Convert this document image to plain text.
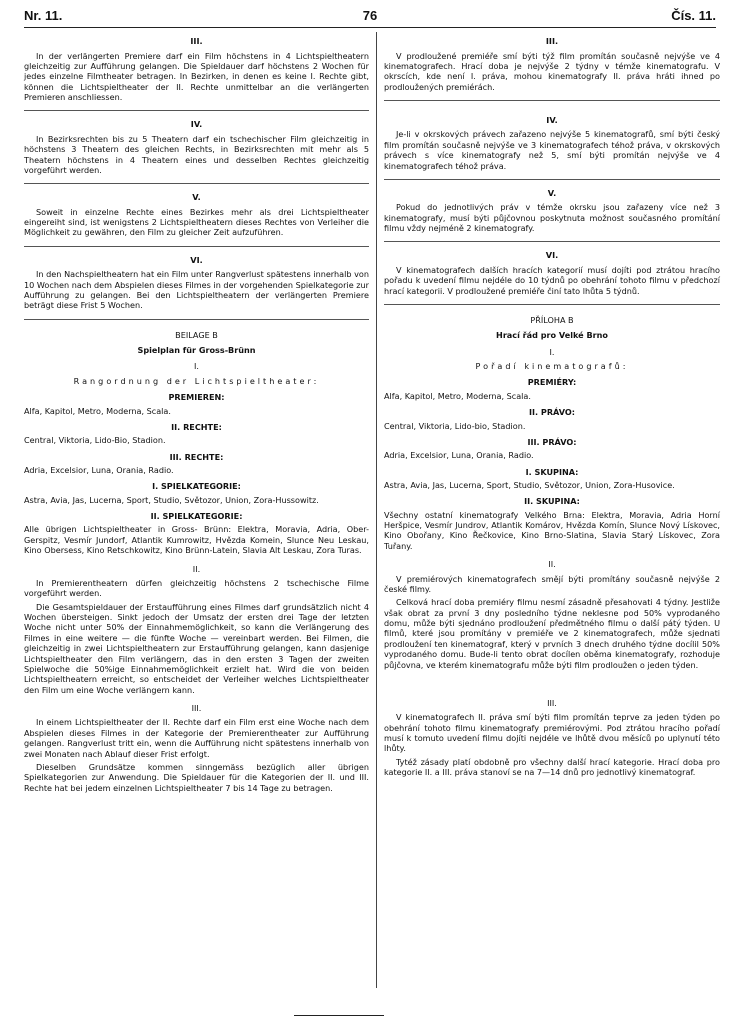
Nr. 11.	76	Čís. 11.
III.

In der verlängerten Premiere darf ein Film höchstens in 4 Lichtspieltheatern gleichzeitig zur Aufführung gelangen. Die Spieldauer darf höchstens 2 Wochen für jedes einzelne Filmtheater betragen. In Bezirken, in denen es keine I. Rechte gibt, können die Lichtspieltheater der II. Rechte unmittelbar an die verlängerten Premieren anschliessen.

IV.

In Bezirksrechten bis zu 5 Theatern darf ein tschechischer Film gleichzeitig in höchstens 3 Theatern des gleichen Rechts, in Bezirksrechten mit mehr als 5 Theatern höchstens in 4 Theatern eines und desselben Rechtes gleichzeitig vorgeführt werden.

V.

Soweit in einzelne Rechte eines Bezirkes mehr als drei Lichtspieltheater eingereiht sind, ist wenigstens 2 Lichtspieltheatern dieses Rechtes von Verleiher die Möglichkeit zu gewähren, den Film zu gleicher Zeit aufzuführen.

VI.

In den Nachspieltheatern hat ein Film unter Rangverlust spätestens innerhalb von 10 Wochen nach dem Abspielen dieses Filmes in der vorgehenden Spielkategorie zur Aufführung zu gelangen. Bei den Lichtspieltheatern der verlängerten Premiere beträgt diese Frist 5 Wochen.

BEILAGE B
Spielplan für Gross-Brünn
I.
Rangordnung der Lichtspieltheater:
PREMIEREN:

Alfa, Kapitol, Metro, Moderna, Scala.

II. RECHTE:

Central, Viktoria, Lido-Bio, Stadion.

III. RECHTE:

Adria, Excelsior, Luna, Orania, Radio.

I. SPIELKATEGORIE:

Astra, Avia, Jas, Lucerna, Sport, Studio, Světozor, Union, Zora-Hussowitz.

II. SPIELKATEGORIE:

Alle übrigen Lichtspieltheater in Gross- Brünn: Elektra, Moravia, Adria, Ober- Gerspitz, Vesmír Jundorf, Atlantik Kumrowitz, Hvězda Komein, Slunce Neu Leskau, Kino Obersess, Kino Retschkowitz, Kino Brünn-Latein, Slavia Alt Leskau, Zora Turas.

II.

In Premierentheatern dürfen gleichzeitig höchstens 2 tschechische Filme vorgeführt werden.

Die Gesamtspieldauer der Erstaufführung eines Filmes darf grundsätzlich nicht 4 Wochen übersteigen. Sinkt jedoch der Umsatz der ersten drei Tage der letzten Woche nicht unter 50% der Einnahmemöglichkeit, so kann die Verlängerung des Filmes in eine weitere — die fünfte Woche — vereinbart werden. Bei Filmen, die gleichzeitig in zwei Lichtspieltheatern zur Erstaufführung gelangen, kann dasjenige Lichtspieltheater den Film verlängern, das in den ersten 3 Tagen der zweiten Spielwoche die 50%ige Einnahmemöglichkeit erzielt hat. Wird die von beiden Lichtspieltheatern erreicht, so entscheidet der Verleiher welches Lichtspieltheater den Film um eine Woche verlängern kann.

III.

In einem Lichtspieltheater der II. Rechte darf ein Film erst eine Woche nach dem Abspielen dieses Filmes in der Kategorie der Premierentheater zur Aufführung gelangen. Rangverlust tritt ein, wenn die Aufführung nicht spätestens innerhalb von zwei Monaten nach Ablauf dieser Frist erfolgt.

Dieselben Grundsätze kommen sinngemäss bezüglich aller übrigen Spielkategorien zur Anwendung. Die Spieldauer für die Kategorien der II. und III. Rechte hat bei jedem einzelnen Lichtspieltheater 7 bis 14 Tage zu betragen.

III.

V prodloužené premiéře smí býti týž film promítán současně nejvýše ve 4 kinematografech. Hrací doba je nejvýše 2 týdny v témže kinematografu. V okrscích, kde není I. práva, mohou kinematografy II. práva hráti ihned po prodloužených premiérách.

IV.

Je-li v okrskových právech zařazeno nejvýše 5 kinematografů, smí býti český film promítán současně nejvýše ve 3 kinematografech téhož práva, v okrskových právech s více kinematografy než 5, smí býti promítán nejvýše ve 4 kinematografech téhož práva.

V.

Pokud do jednotlivých práv v témže okrsku jsou zařazeny více než 3 kinematografy, musí býti půjčovnou poskytnuta možnost současného promítání filmu vždy nejméně 2 kinematografy.

VI.

V kinematografech dalších hracích kategorií musí dojíti pod ztrátou hracího pořadu k uvedení filmu nejdéle do 10 týdnů po obehrání tohoto filmu v předchozí hrací kategorii. V prodloužené premiéře činí tato lhůta 5 týdnů.

PŘÍLOHA B
Hrací řád pro Velké Brno
I.
Pořadí kinematografů:
PREMIÉRY:

Alfa, Kapitol, Metro, Moderna, Scala.

II. PRÁVO:

Central, Viktoria, Lido-bio, Stadion.

III. PRÁVO:

Adria, Excelsior, Luna, Orania, Radio.

I. SKUPINA:

Astra, Avia, Jas, Lucerna, Sport, Studio, Světozor, Union, Zora-Husovice.

II. SKUPINA:

Všechny ostatní kinematografy Velkého Brna: Elektra, Moravia, Adria Horní Heršpice, Vesmír Jundrov, Atlantik Komárov, Hvězda Komín, Slunce Nový Lískovec, Kino Obořany, Kino Řečkovice, Kino Brno-Slatina, Slavia Starý Lískovec, Zora Tuřany.

II.

V premiérových kinematografech smějí býti promítány současně nejvýše 2 české filmy.

Celková hrací doba premiéry filmu nesmí zásadně přesahovati 4 týdny. Jestliže však obrat za první 3 dny posledního týdne neklesne pod 50% vyprodaného domu, může býti sjednáno prodloužení předmětného filmu o další pátý týden. U filmů, které jsou promítány v premiéře ve 2 kinematografech, může sjednati prodloužení ten kinematograf, který v prvních 3 dnech druhého týdne docílil 50% vyprodaného domu. Bude-li tento obrat docílen oběma kinematografy, rozhoduje půjčovna, ve kterém kinematografu může býti film prodloužen o jeden týden.

III.

V kinematografech II. práva smí býti film promítán teprve za jeden týden po obehrání tohoto filmu kinematografy premiérovými. Pod ztrátou hracího pořadí musí k tomuto uvedení filmu dojíti nejdéle ve lhůtě dvou měsíců po uplynutí této lhůty.

Tytéž zásady platí obdobně pro všechny další hrací kategorie. Hrací doba pro kategorie II. a III. práva stanoví se na 7—14 dnů pro jednotlivý kinematograf.
